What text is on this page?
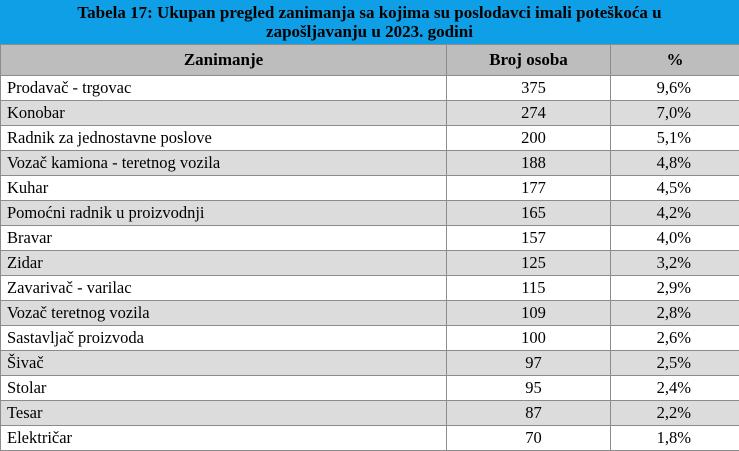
Tabela 17: Ukupan pregled zanimanja sa kojima su poslodavci imali poteškoća u
zapošljavanju u 2023. godini
Zanimanje	Broj osoba	%
Prodavač - trgovac	375	9,6%
Konobar	274	7,0%
Radnik za jednostavne poslove	200	5,1%
Vozač kamiona - teretnog vozila	188	4,8%
Kuhar	177	4,5%
Pomoćni radnik u proizvodnji	165	4,2%
Bravar	157	4,0%
Zidar	125	3,2%
Zavarivač - varilac	115	2,9%
Vozač teretnog vozila	109	2,8%
Sastavljač proizvoda	100	2,6%
Šivač	97	2,5%
Stolar	95	2,4%
Tesar	87	2,2%
Električar	70	1,8%
